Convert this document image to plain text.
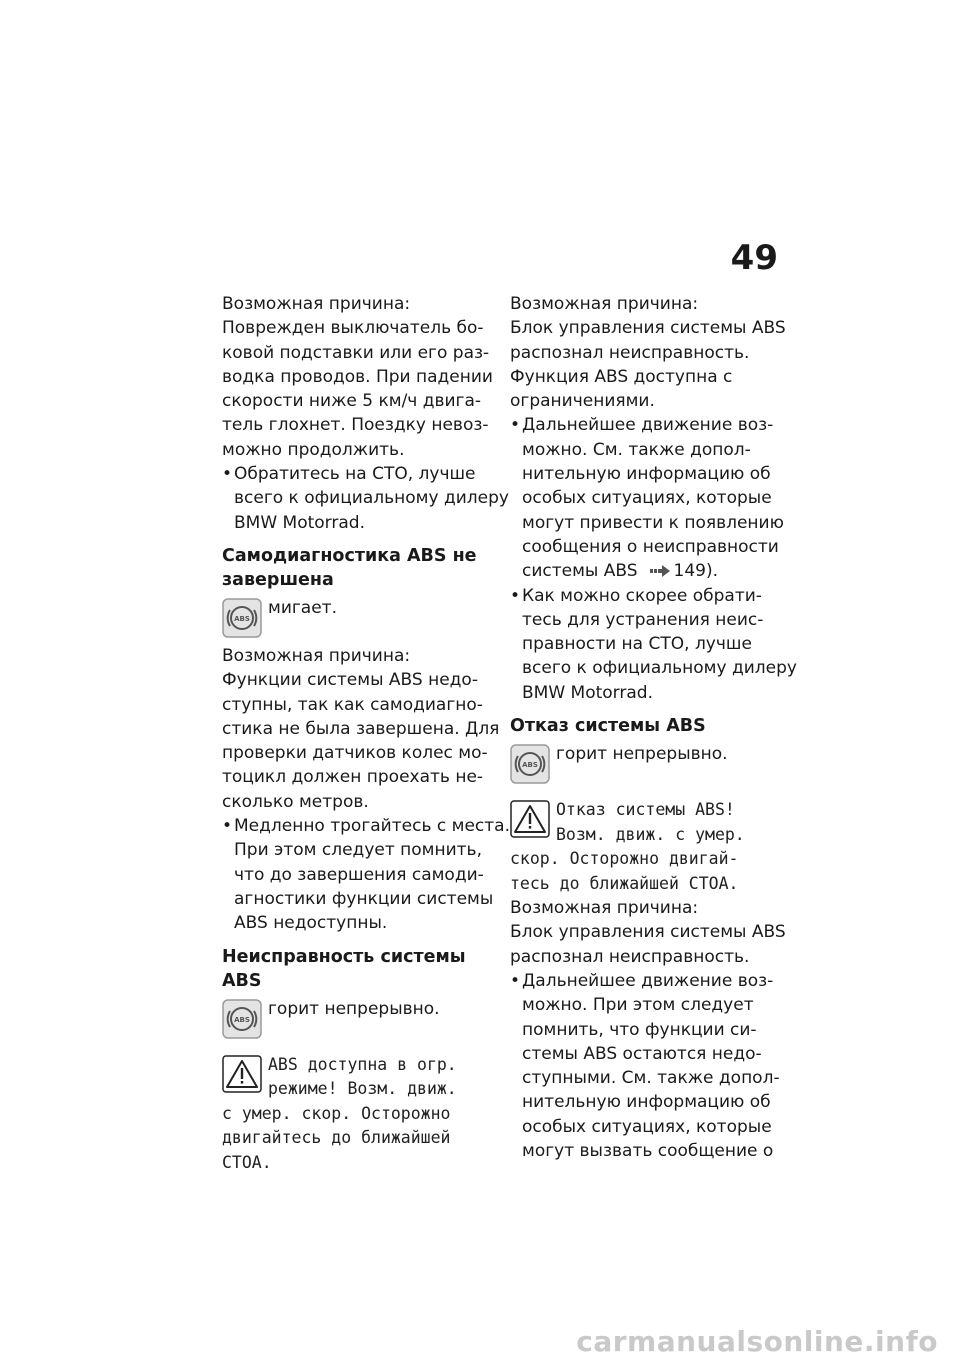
49
Возможная причина:
Поврежден выключатель бо-
ковой подставки или его раз-
водка проводов. При падении
скорости ниже 5 км/ч двига-
тель глохнет. Поездку невоз-
можно продолжить.
• Обратитесь на СТО, лучше
всего к официальному дилеру
BMW Motorrad.
Самодиагностика ABS не
завершена
ABS
мигает.
Возможная причина:
Функции системы ABS недо-
ступны, так как самодиагно-
стика не была завершена. Для
проверки датчиков колес мо-
тоцикл должен проехать не-
сколько метров.
• Медленно трогайтесь с места.
При этом следует помнить,
что до завершения самоди-
агностики функции системы
ABS недоступны.
Неисправность системы
ABS
ABS
горит непрерывно.
ABS доступна в огр.
режиме! Возм. движ.
с умер. скор. Осторожно
двигайтесь до ближайшей
СТОА.
Возможная причина:
Блок управления системы ABS
распознал неисправность.
Функция ABS доступна с
ограничениями.
• Дальнейшее движение воз-
можно. См. также допол-
нительную информацию об
особых ситуациях, которые
могут привести к появлению
сообщения о неисправности
системы ABS 149).
• Как можно скорее обрати-
тесь для устранения неис-
правности на СТО, лучше
всего к официальному дилеру
BMW Motorrad.
Отказ системы ABS
ABS
горит непрерывно.
Отказ системы ABS!
Возм. движ. с умер.
скор. Осторожно двигай-
тесь до ближайшей СТОА.
Возможная причина:
Блок управления системы ABS
распознал неисправность.
• Дальнейшее движение воз-
можно. При этом следует
помнить, что функции си-
стемы ABS остаются недо-
ступными. См. также допол-
нительную информацию об
особых ситуациях, которые
могут вызвать сообщение о
carmanualsonline.info
